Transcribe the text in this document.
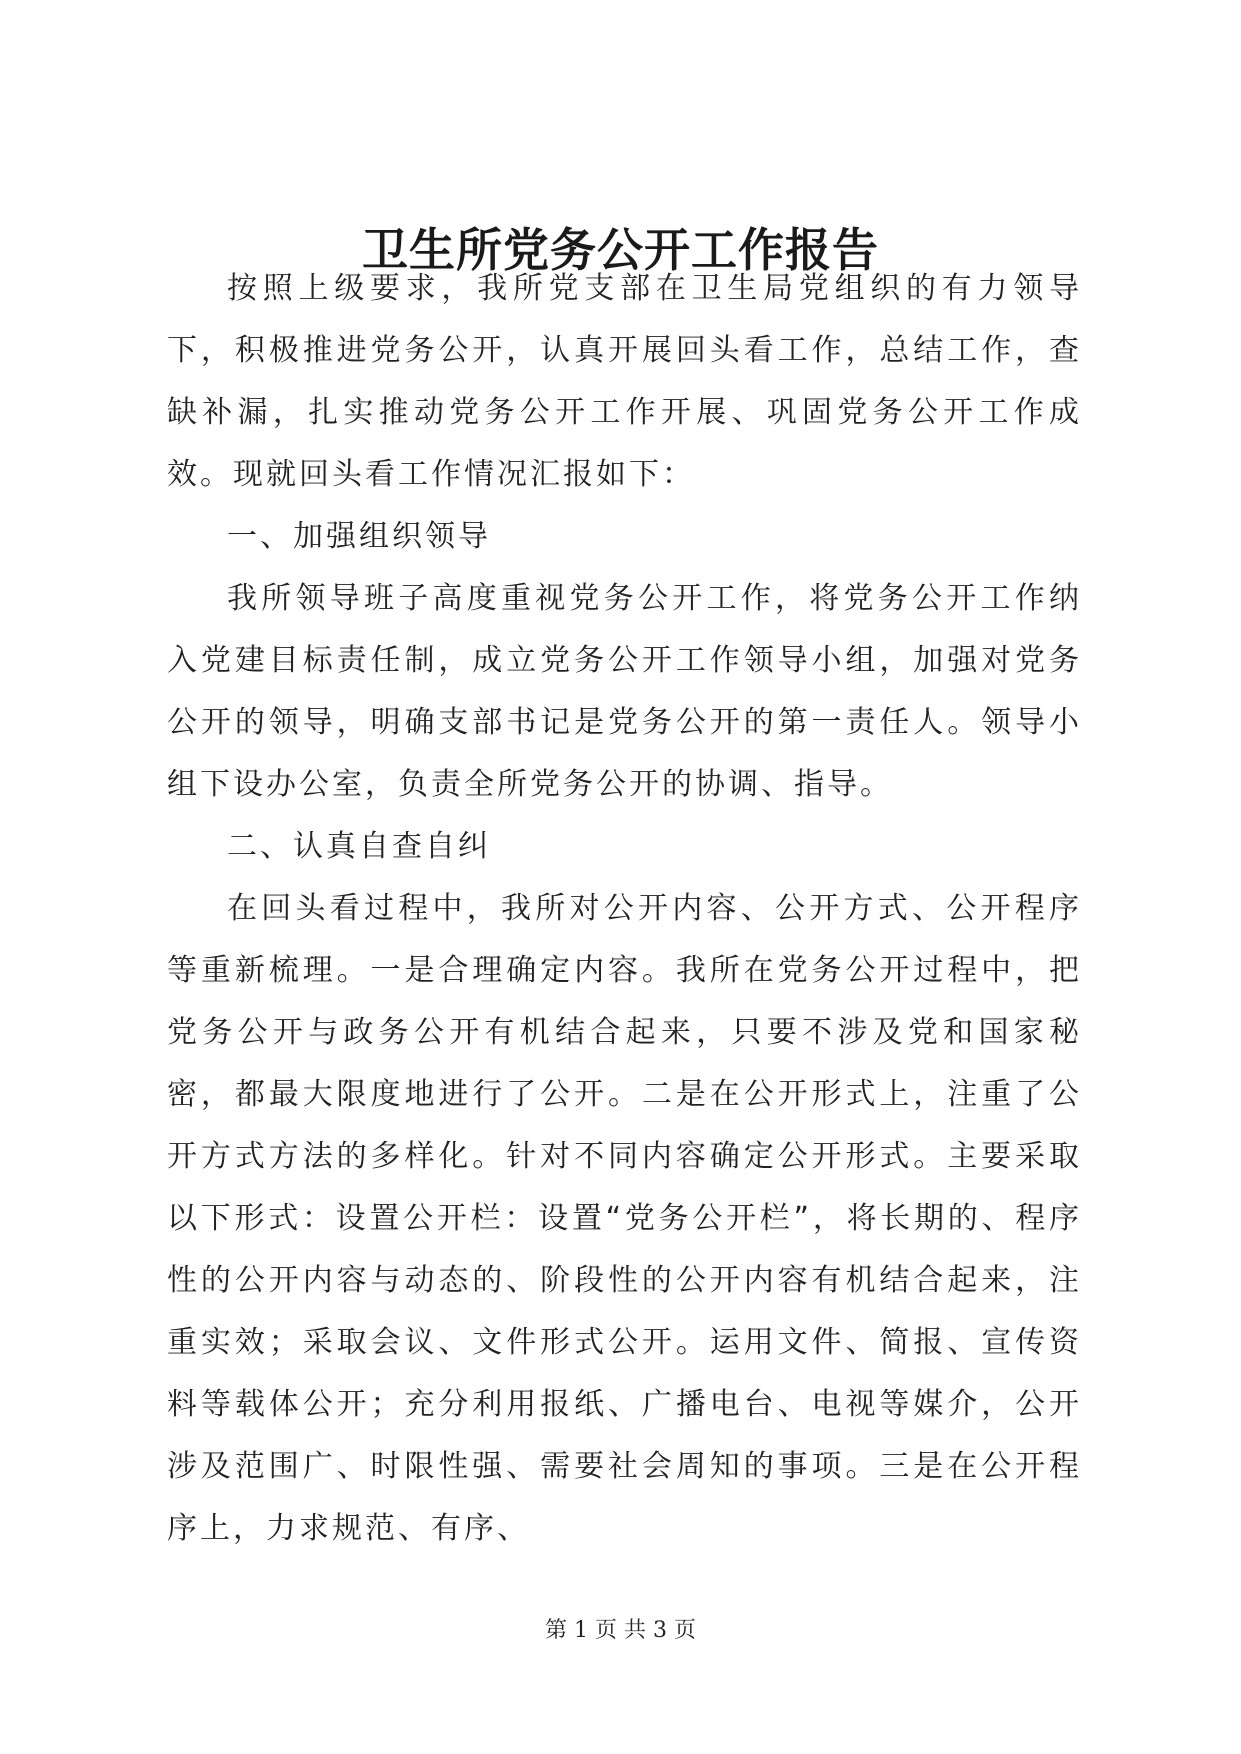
卫生所党务公开工作报告

按照上级要求，我所党支部在卫生局党组织的有力领导下，积极推进党务公开，认真开展回头看工作，总结工作，查缺补漏，扎实推动党务公开工作开展、巩固党务公开工作成效。现就回头看工作情况汇报如下：

一、加强组织领导

我所领导班子高度重视党务公开工作，将党务公开工作纳入党建目标责任制，成立党务公开工作领导小组，加强对党务公开的领导，明确支部书记是党务公开的第一责任人。领导小组下设办公室，负责全所党务公开的协调、指导。

二、认真自查自纠

在回头看过程中，我所对公开内容、公开方式、公开程序等重新梳理。一是合理确定内容。我所在党务公开过程中，把党务公开与政务公开有机结合起来，只要不涉及党和国家秘密，都最大限度地进行了公开。二是在公开形式上，注重了公开方式方法的多样化。针对不同内容确定公开形式。主要采取以下形式：设置公开栏：设置“党务公开栏”，将长期的、程序性的公开内容与动态的、阶段性的公开内容有机结合起来，注重实效；采取会议、文件形式公开。运用文件、简报、宣传资料等载体公开；充分利用报纸、广播电台、电视等媒介，公开涉及范围广、时限性强、需要社会周知的事项。三是在公开程序上，力求规范、有序、

第 1 页 共 3 页
